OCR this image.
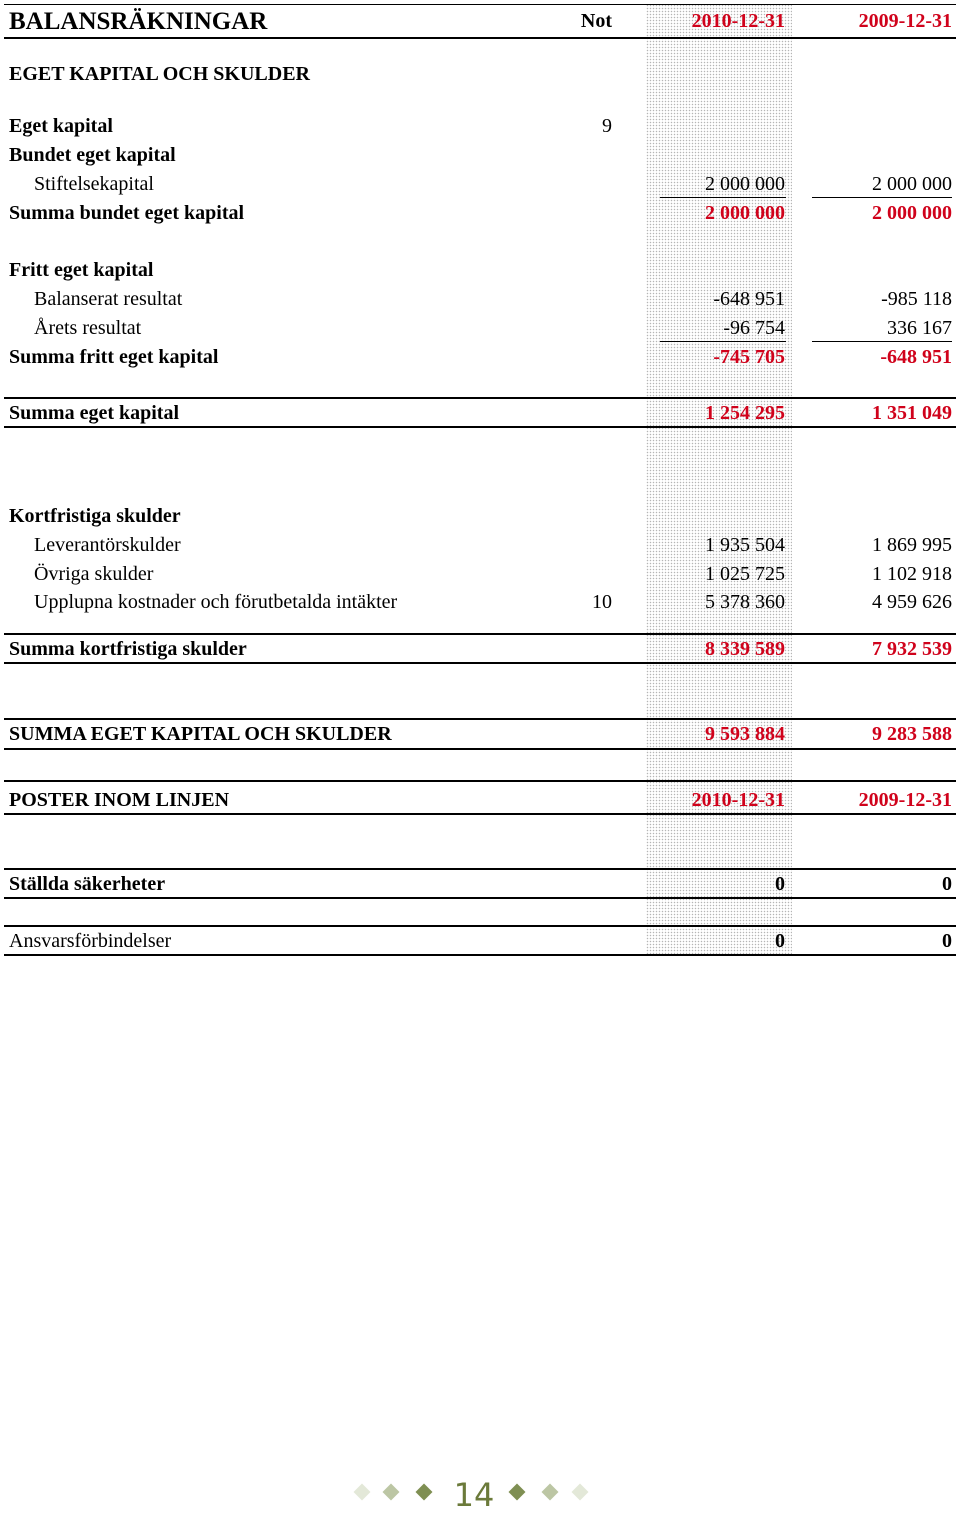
BALANSRÄKNINGAR	Not	2010-12-31	2009-12-31
EGET KAPITAL OCH SKULDER
Eget kapital	9
Bundet eget kapital
Stiftelsekapital	2 000 000	2 000 000
Summa bundet eget kapital	2 000 000	2 000 000
Fritt eget kapital
Balanserat resultat	-648 951	-985 118
Årets resultat	-96 754	336 167
Summa fritt eget kapital	-745 705	-648 951
Summa eget kapital	1 254 295	1 351 049
Kortfristiga skulder
Leverantörskulder	1 935 504	1 869 995
Övriga skulder	1 025 725	1 102 918
Upplupna kostnader och förutbetalda intäkter	10	5 378 360	4 959 626
Summa kortfristiga skulder	8 339 589	7 932 539
SUMMA EGET KAPITAL OCH SKULDER	9 593 884	9 283 588
POSTER INOM LINJEN	2010-12-31	2009-12-31
Ställda säkerheter	0	0
Ansvarsförbindelser	0	0
14
